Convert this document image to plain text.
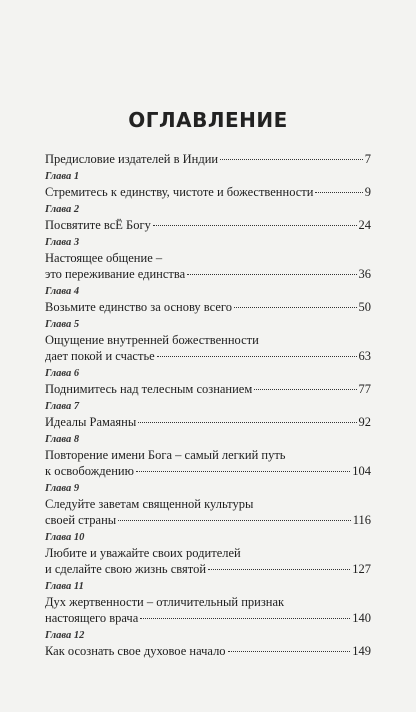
ОГЛАВЛЕНИЕ
Предисловие издателей в Индии	7
Глава 1
Стремитесь к единству, чистоте и божественности	9
Глава 2
Посвятите всЁ Богу	24
Глава 3
Настоящее общение –
это переживание единства	36
Глава 4
Возьмите единство за основу всего	50
Глава 5
Ощущение внутренней божественности
дает покой и счастье	63
Глава 6
Поднимитесь над телесным сознанием	77
Глава 7
Идеалы Рамаяны	92
Глава 8
Повторение имени Бога – самый легкий путь
к освобождению	104
Глава 9
Следуйте заветам священной культуры
своей страны	116
Глава 10
Любите и уважайте своих родителей
и сделайте свою жизнь святой	127
Глава 11
Дух жертвенности – отличительный признак
настоящего врача	140
Глава 12
Как осознать свое духовое начало	149
